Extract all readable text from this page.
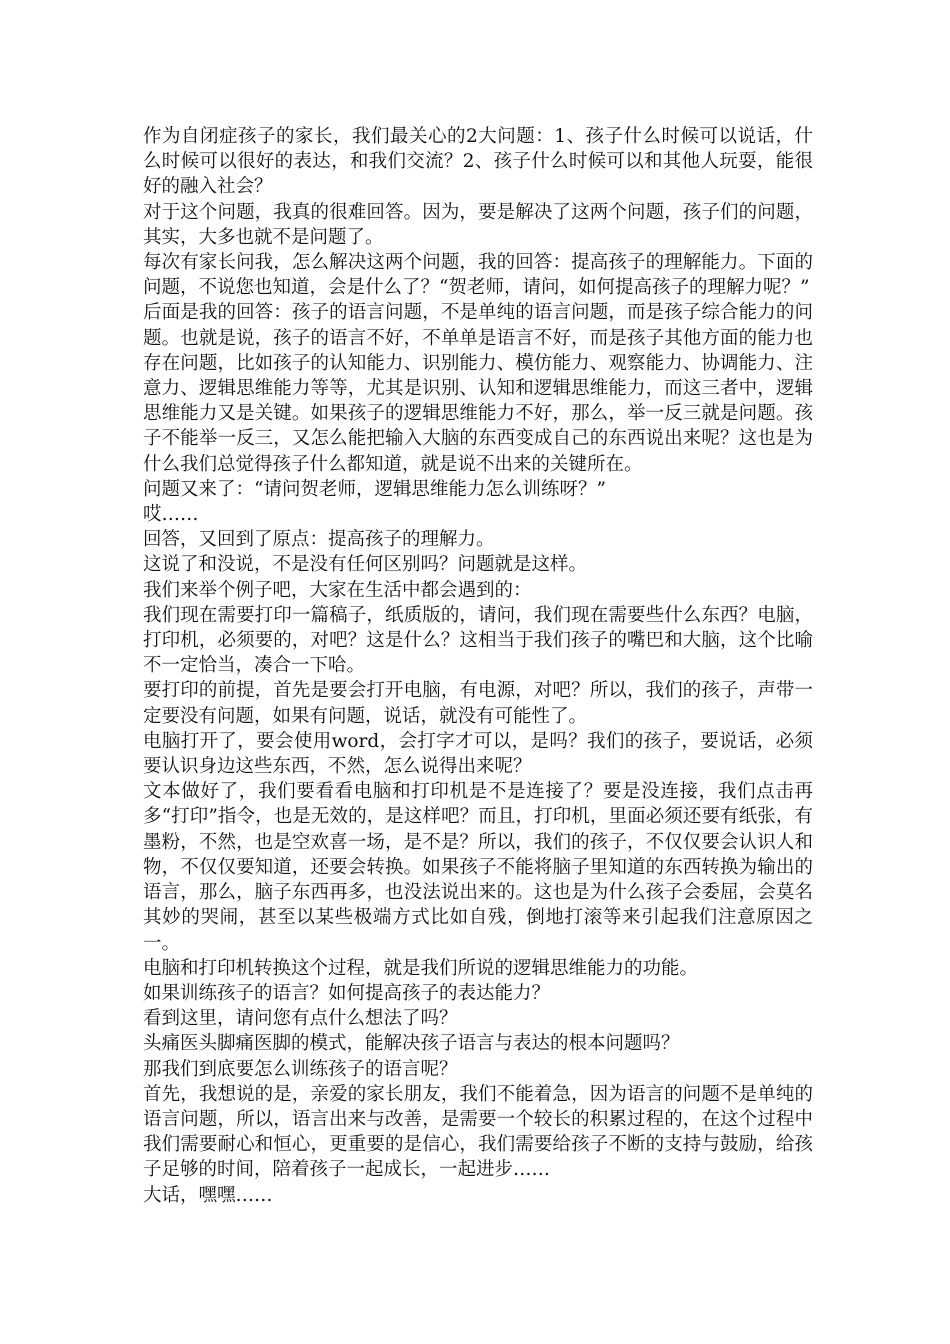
作为自闭症孩子的家长，我们最关心的2大问题：1、孩子什么时候可以说话，什么时候可以很好的表达，和我们交流？2、孩子什么时候可以和其他人玩耍，能很好的融入社会？

对于这个问题，我真的很难回答。因为，要是解决了这两个问题，孩子们的问题，其实，大多也就不是问题了。

每次有家长问我，怎么解决这两个问题，我的回答：提高孩子的理解能力。下面的问题，不说您也知道，会是什么了？“贺老师，请问，如何提高孩子的理解力呢？”

后面是我的回答：孩子的语言问题，不是单纯的语言问题，而是孩子综合能力的问题。也就是说，孩子的语言不好，不单单是语言不好，而是孩子其他方面的能力也存在问题，比如孩子的认知能力、识别能力、模仿能力、观察能力、协调能力、注意力、逻辑思维能力等等，尤其是识别、认知和逻辑思维能力，而这三者中，逻辑思维能力又是关键。如果孩子的逻辑思维能力不好，那么，举一反三就是问题。孩子不能举一反三，又怎么能把输入大脑的东西变成自己的东西说出来呢？这也是为什么我们总觉得孩子什么都知道，就是说不出来的关键所在。

问题又来了：“请问贺老师，逻辑思维能力怎么训练呀？”

哎……

回答，又回到了原点：提高孩子的理解力。

这说了和没说，不是没有任何区别吗？问题就是这样。

我们来举个例子吧，大家在生活中都会遇到的：

我们现在需要打印一篇稿子，纸质版的，请问，我们现在需要些什么东西？电脑，打印机，必须要的，对吧？这是什么？这相当于我们孩子的嘴巴和大脑，这个比喻不一定恰当，凑合一下哈。

要打印的前提，首先是要会打开电脑，有电源，对吧？所以，我们的孩子，声带一定要没有问题，如果有问题，说话，就没有可能性了。

电脑打开了，要会使用word，会打字才可以，是吗？我们的孩子，要说话，必须要认识身边这些东西，不然，怎么说得出来呢？

文本做好了，我们要看看电脑和打印机是不是连接了？要是没连接，我们点击再多“打印”指令，也是无效的，是这样吧？而且，打印机，里面必须还要有纸张，有墨粉，不然，也是空欢喜一场，是不是？所以，我们的孩子，不仅仅要会认识人和物，不仅仅要知道，还要会转换。如果孩子不能将脑子里知道的东西转换为输出的语言，那么，脑子东西再多，也没法说出来的。这也是为什么孩子会委屈，会莫名其妙的哭闹，甚至以某些极端方式比如自残，倒地打滚等来引起我们注意原因之一。

电脑和打印机转换这个过程，就是我们所说的逻辑思维能力的功能。

如果训练孩子的语言？如何提高孩子的表达能力？

看到这里，请问您有点什么想法了吗？

头痛医头脚痛医脚的模式，能解决孩子语言与表达的根本问题吗？

那我们到底要怎么训练孩子的语言呢？

首先，我想说的是，亲爱的家长朋友，我们不能着急，因为语言的问题不是单纯的语言问题，所以，语言出来与改善，是需要一个较长的积累过程的，在这个过程中我们需要耐心和恒心，更重要的是信心，我们需要给孩子不断的支持与鼓励，给孩子足够的时间，陪着孩子一起成长，一起进步……

大话，嘿嘿……
